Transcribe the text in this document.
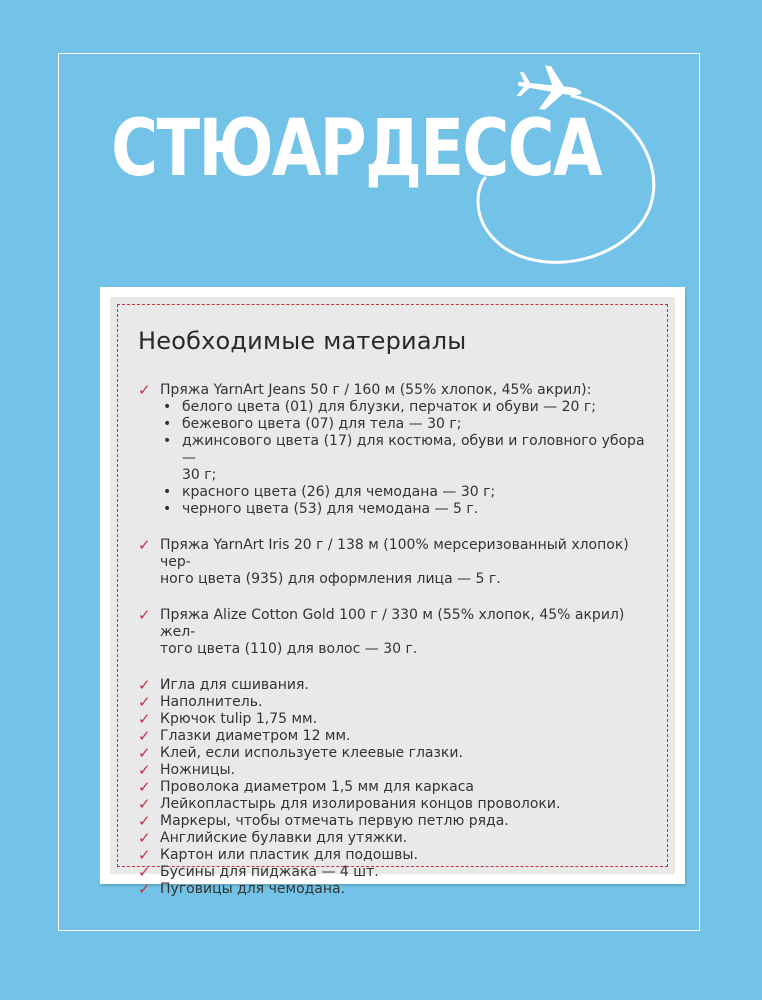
СТЮАРДЕССА
Необходимые материалы
✓ Пряжа YarnArt Jeans 50 г / 160 м (55% хлопок, 45% акрил):
• белого цвета (01) для блузки, перчаток и обуви — 20 г;
• бежевого цвета (07) для тела — 30 г;
• джинсового цвета (17) для костюма, обуви и головного убора —
30 г;
• красного цвета (26) для чемодана — 30 г;
• черного цвета (53) для чемодана — 5 г.
✓ Пряжа YarnArt Iris 20 г / 138 м (100% мерсеризованный хлопок) чер-
ного цвета (935) для оформления лица — 5 г.
✓ Пряжа Alize Cotton Gold 100 г / 330 м (55% хлопок, 45% акрил) жел-
того цвета (110) для волос — 30 г.
✓ Игла для сшивания.
✓ Наполнитель.
✓ Крючок tulip 1,75 мм.
✓ Глазки диаметром 12 мм.
✓ Клей, если используете клеевые глазки.
✓ Ножницы.
✓ Проволока диаметром 1,5 мм для каркаса
✓ Лейкопластырь для изолирования концов проволоки.
✓ Маркеры, чтобы отмечать первую петлю ряда.
✓ Английские булавки для утяжки.
✓ Картон или пластик для подошвы.
✓ Бусины для пиджака — 4 шт.
✓ Пуговицы для чемодана.
